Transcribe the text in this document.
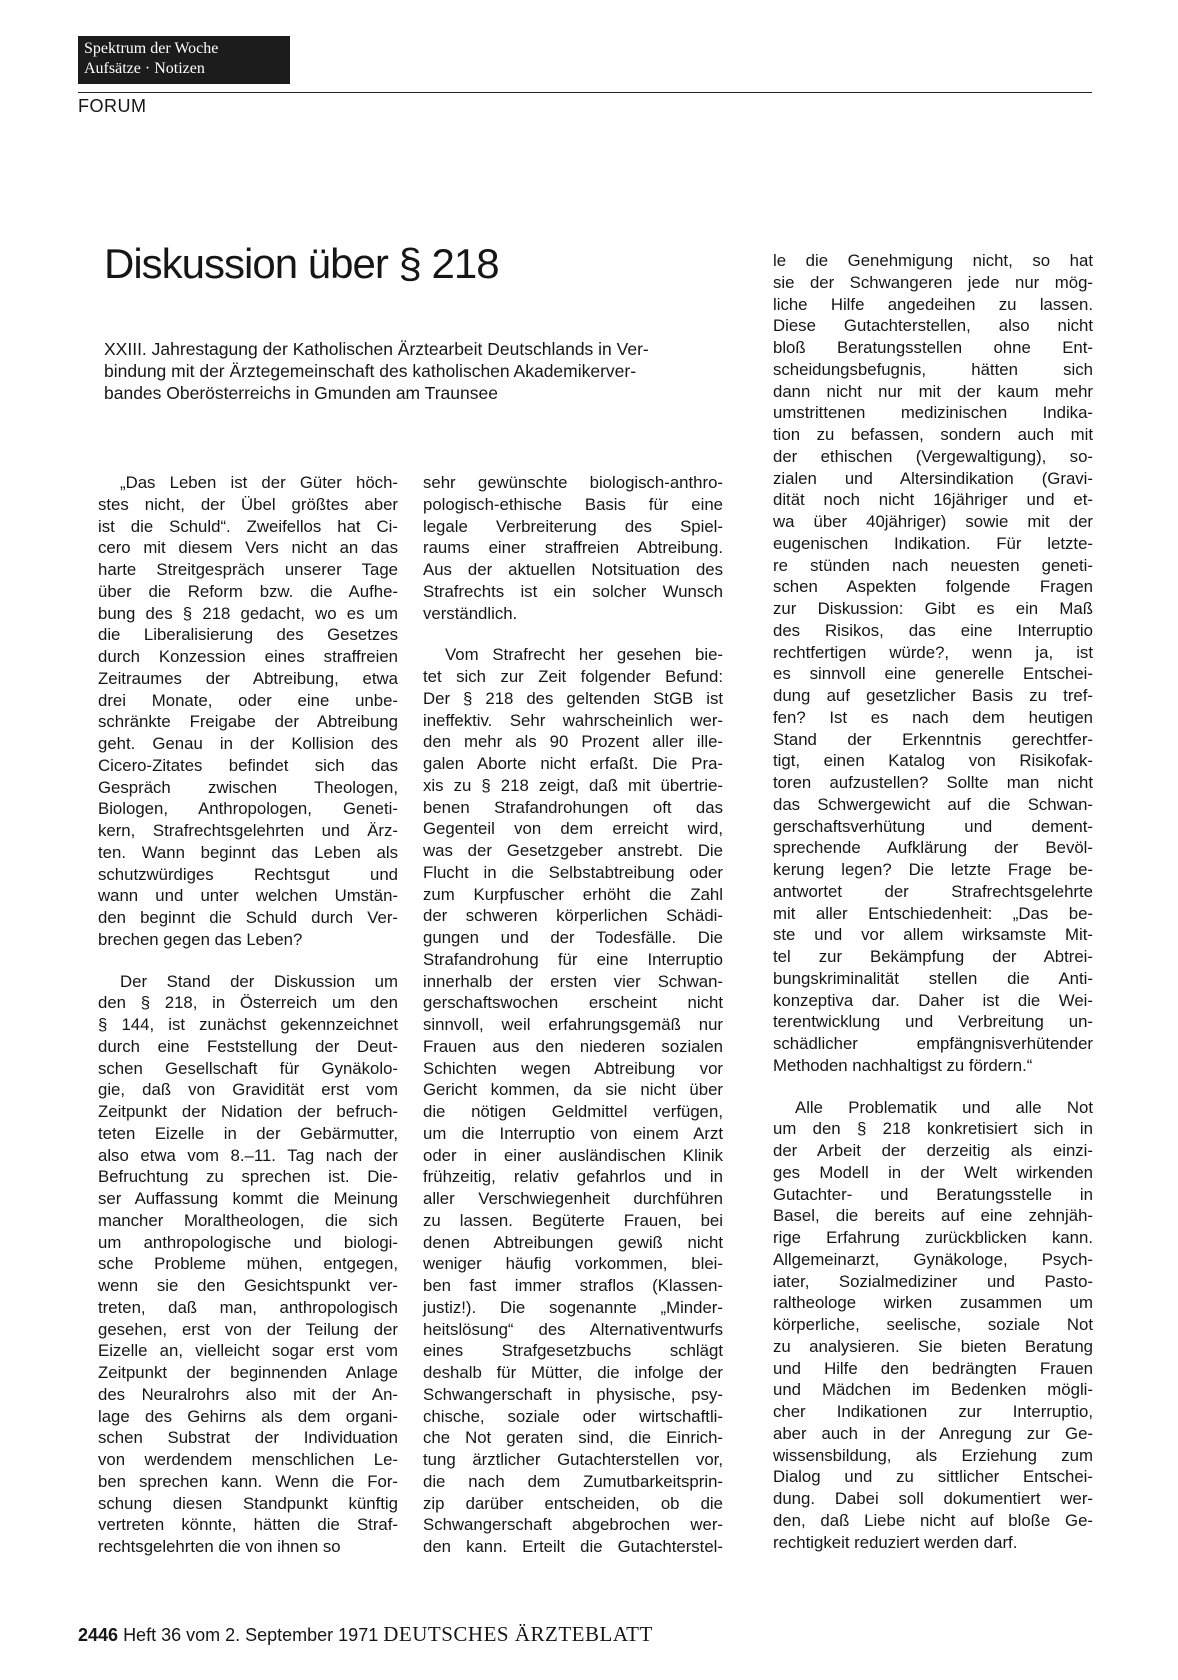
Spektrum der Woche
Aufsätze · Notizen
FORUM
Diskussion über § 218
XXIII. Jahrestagung der Katholischen Ärztearbeit Deutschlands in Ver-
bindung mit der Ärztegemeinschaft des katholischen Akademikerver-
bandes Oberösterreichs in Gmunden am Traunsee
„Das Leben ist der Güter höch-
stes nicht, der Übel größtes aber
ist die Schuld“. Zweifellos hat Ci-
cero mit diesem Vers nicht an das
harte Streitgespräch unserer Tage
über die Reform bzw. die Aufhe-
bung des § 218 gedacht, wo es um
die Liberalisierung des Gesetzes
durch Konzession eines straffreien
Zeitraumes der Abtreibung, etwa
drei Monate, oder eine unbe-
schränkte Freigabe der Abtreibung
geht. Genau in der Kollision des
Cicero-Zitates befindet sich das
Gespräch zwischen Theologen,
Biologen, Anthropologen, Geneti-
kern, Strafrechtsgelehrten und Ärz-
ten. Wann beginnt das Leben als
schutzwürdiges Rechtsgut und
wann und unter welchen Umstän-
den beginnt die Schuld durch Ver-
brechen gegen das Leben?
Der Stand der Diskussion um
den § 218, in Österreich um den
§ 144, ist zunächst gekennzeichnet
durch eine Feststellung der Deut-
schen Gesellschaft für Gynäkolo-
gie, daß von Gravidität erst vom
Zeitpunkt der Nidation der befruch-
teten Eizelle in der Gebärmutter,
also etwa vom 8.–11. Tag nach der
Befruchtung zu sprechen ist. Die-
ser Auffassung kommt die Meinung
mancher Moraltheologen, die sich
um anthropologische und biologi-
sche Probleme mühen, entgegen,
wenn sie den Gesichtspunkt ver-
treten, daß man, anthropologisch
gesehen, erst von der Teilung der
Eizelle an, vielleicht sogar erst vom
Zeitpunkt der beginnenden Anlage
des Neuralrohrs also mit der An-
lage des Gehirns als dem organi-
schen Substrat der Individuation
von werdendem menschlichen Le-
ben sprechen kann. Wenn die For-
schung diesen Standpunkt künftig
vertreten könnte, hätten die Straf-
rechtsgelehrten die von ihnen so
sehr gewünschte biologisch-anthro-
pologisch-ethische Basis für eine
legale Verbreiterung des Spiel-
raums einer straffreien Abtreibung.
Aus der aktuellen Notsituation des
Strafrechts ist ein solcher Wunsch
verständlich.
Vom Strafrecht her gesehen bie-
tet sich zur Zeit folgender Befund:
Der § 218 des geltenden StGB ist
ineffektiv. Sehr wahrscheinlich wer-
den mehr als 90 Prozent aller ille-
galen Aborte nicht erfaßt. Die Pra-
xis zu § 218 zeigt, daß mit übertrie-
benen Strafandrohungen oft das
Gegenteil von dem erreicht wird,
was der Gesetzgeber anstrebt. Die
Flucht in die Selbstabtreibung oder
zum Kurpfuscher erhöht die Zahl
der schweren körperlichen Schädi-
gungen und der Todesfälle. Die
Strafandrohung für eine Interruptio
innerhalb der ersten vier Schwan-
gerschaftswochen erscheint nicht
sinnvoll, weil erfahrungsgemäß nur
Frauen aus den niederen sozialen
Schichten wegen Abtreibung vor
Gericht kommen, da sie nicht über
die nötigen Geldmittel verfügen,
um die Interruptio von einem Arzt
oder in einer ausländischen Klinik
frühzeitig, relativ gefahrlos und in
aller Verschwiegenheit durchführen
zu lassen. Begüterte Frauen, bei
denen Abtreibungen gewiß nicht
weniger häufig vorkommen, blei-
ben fast immer straflos (Klassen-
justiz!). Die sogenannte „Minder-
heitslösung“ des Alternativentwurfs
eines Strafgesetzbuchs schlägt
deshalb für Mütter, die infolge der
Schwangerschaft in physische, psy-
chische, soziale oder wirtschaftli-
che Not geraten sind, die Einrich-
tung ärztlicher Gutachterstellen vor,
die nach dem Zumutbarkeitsprin-
zip darüber entscheiden, ob die
Schwangerschaft abgebrochen wer-
den kann. Erteilt die Gutachterstel-
le die Genehmigung nicht, so hat
sie der Schwangeren jede nur mög-
liche Hilfe angedeihen zu lassen.
Diese Gutachterstellen, also nicht
bloß Beratungsstellen ohne Ent-
scheidungsbefugnis, hätten sich
dann nicht nur mit der kaum mehr
umstrittenen medizinischen Indika-
tion zu befassen, sondern auch mit
der ethischen (Vergewaltigung), so-
zialen und Altersindikation (Gravi-
dität noch nicht 16jähriger und et-
wa über 40jähriger) sowie mit der
eugenischen Indikation. Für letzte-
re stünden nach neuesten geneti-
schen Aspekten folgende Fragen
zur Diskussion: Gibt es ein Maß
des Risikos, das eine Interruptio
rechtfertigen würde?, wenn ja, ist
es sinnvoll eine generelle Entschei-
dung auf gesetzlicher Basis zu tref-
fen? Ist es nach dem heutigen
Stand der Erkenntnis gerechtfer-
tigt, einen Katalog von Risikofak-
toren aufzustellen? Sollte man nicht
das Schwergewicht auf die Schwan-
gerschaftsverhütung und dement-
sprechende Aufklärung der Bevöl-
kerung legen? Die letzte Frage be-
antwortet der Strafrechtsgelehrte
mit aller Entschiedenheit: „Das be-
ste und vor allem wirksamste Mit-
tel zur Bekämpfung der Abtrei-
bungskriminalität stellen die Anti-
konzeptiva dar. Daher ist die Wei-
terentwicklung und Verbreitung un-
schädlicher empfängnisverhütender
Methoden nachhaltigst zu fördern.“
Alle Problematik und alle Not
um den § 218 konkretisiert sich in
der Arbeit der derzeitig als einzi-
ges Modell in der Welt wirkenden
Gutachter- und Beratungsstelle in
Basel, die bereits auf eine zehnjäh-
rige Erfahrung zurückblicken kann.
Allgemeinarzt, Gynäkologe, Psych-
iater, Sozialmediziner und Pasto-
raltheologe wirken zusammen um
körperliche, seelische, soziale Not
zu analysieren. Sie bieten Beratung
und Hilfe den bedrängten Frauen
und Mädchen im Bedenken mögli-
cher Indikationen zur Interruptio,
aber auch in der Anregung zur Ge-
wissensbildung, als Erziehung zum
Dialog und zu sittlicher Entschei-
dung. Dabei soll dokumentiert wer-
den, daß Liebe nicht auf bloße Ge-
rechtigkeit reduziert werden darf.
2446 Heft 36 vom 2. September 1971 DEUTSCHES ÄRZTEBLATT
